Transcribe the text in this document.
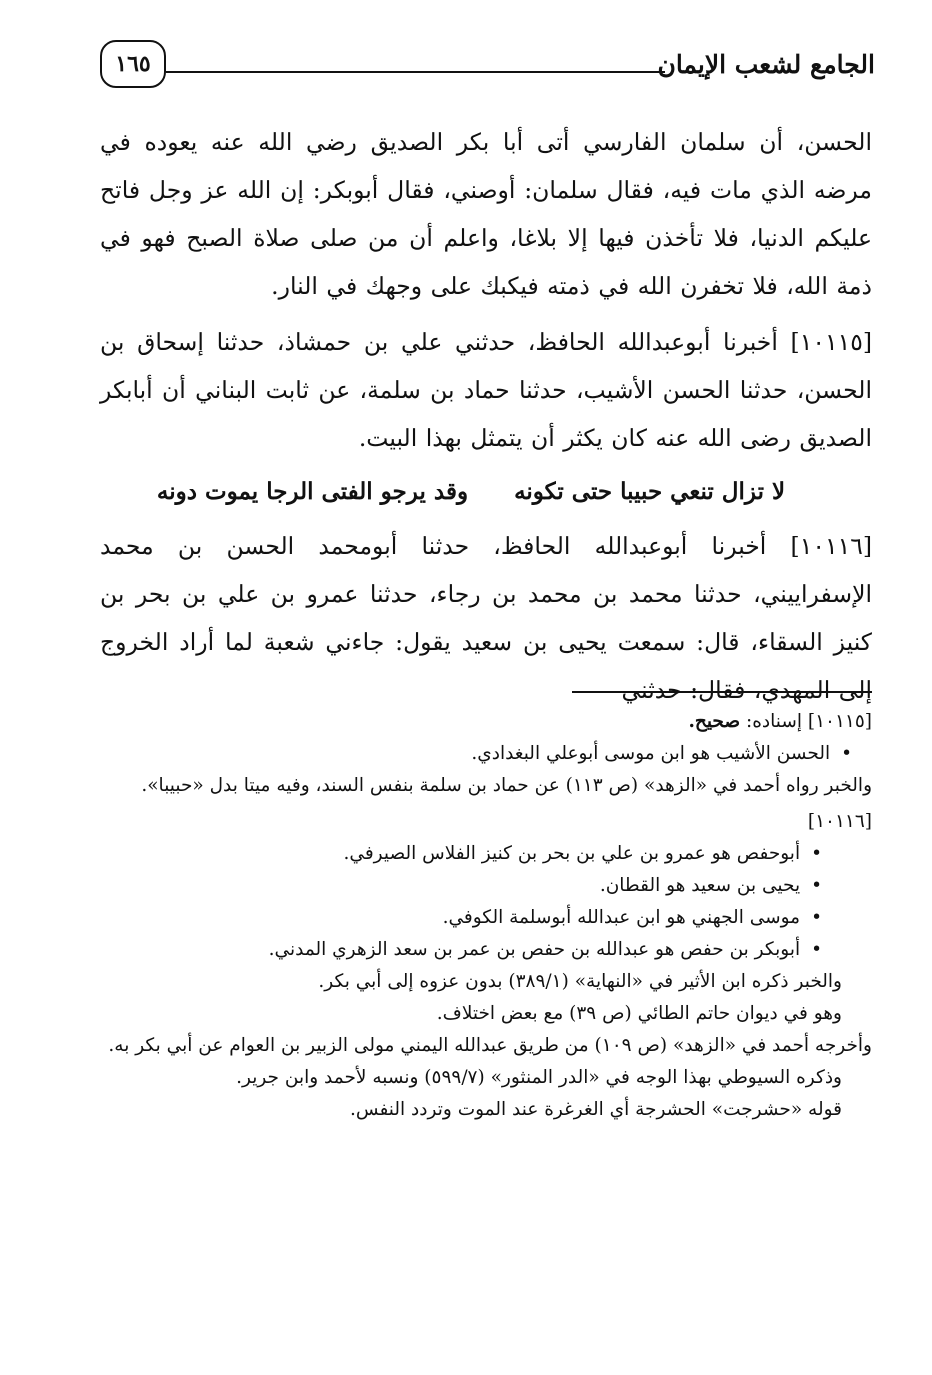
الجامع لشعب الإيمان
١٦٥

الحسن، أن سلمان الفارسي أتى أبا بكر الصديق رضي الله عنه يعوده في مرضه الذي مات فيه، فقال سلمان: أوصني، فقال أبوبكر: إن الله عز وجل فاتح عليكم الدنيا، فلا تأخذن فيها إلا بلاغا، واعلم أن من صلى صلاة الصبح فهو في ذمة الله، فلا تخفرن الله في ذمته فيكبك على وجهك في النار.

[١٠١١٥] أخبرنا أبوعبدالله الحافظ، حدثني علي بن حمشاذ، حدثنا إسحاق بن الحسن، حدثنا الحسن الأشيب، حدثنا حماد بن سلمة، عن ثابت البناني أن أبابكر الصديق رضى الله عنه كان يكثر أن يتمثل بهذا البيت.

لا تزال تنعي حبيبا حتى تكونه
وقد يرجو الفتى الرجا يموت دونه

[١٠١١٦] أخبرنا أبوعبدالله الحافظ، حدثنا أبومحمد الحسن بن محمد الإسفراييني، حدثنا محمد بن محمد بن رجاء، حدثنا عمرو بن علي بن بحر بن كنيز السقاء، قال: سمعت يحيى بن سعيد يقول: جاءني شعبة لما أراد الخروج إلى المهدي، فقال: حدثني

[١٠١١٥] إسناده: صحيح.

• الحسن الأشيب هو ابن موسى أبوعلي البغدادي.

والخبر رواه أحمد في «الزهد» (ص ١١٣) عن حماد بن سلمة بنفس السند، وفيه ميتا بدل «حبيبا».

[١٠١١٦]

• أبوحفص هو عمرو بن علي بن بحر بن كنيز الفلاس الصيرفي.

• يحيى بن سعيد هو القطان.

• موسى الجهني هو ابن عبدالله أبوسلمة الكوفي.

• أبوبكر بن حفص هو عبدالله بن حفص بن عمر بن سعد الزهري المدني.

والخبر ذكره ابن الأثير في «النهاية» (٣٨٩/١) بدون عزوه إلى أبي بكر.

وهو في ديوان حاتم الطائي (ص ٣٩) مع بعض اختلاف.

وأخرجه أحمد في «الزهد» (ص ١٠٩) من طريق عبدالله اليمني مولى الزبير بن العوام عن أبي بكر به.

وذكره السيوطي بهذا الوجه في «الدر المنثور» (٥٩٩/٧) ونسبه لأحمد وابن جرير.

قوله «حشرجت» الحشرجة أي الغرغرة عند الموت وتردد النفس.
